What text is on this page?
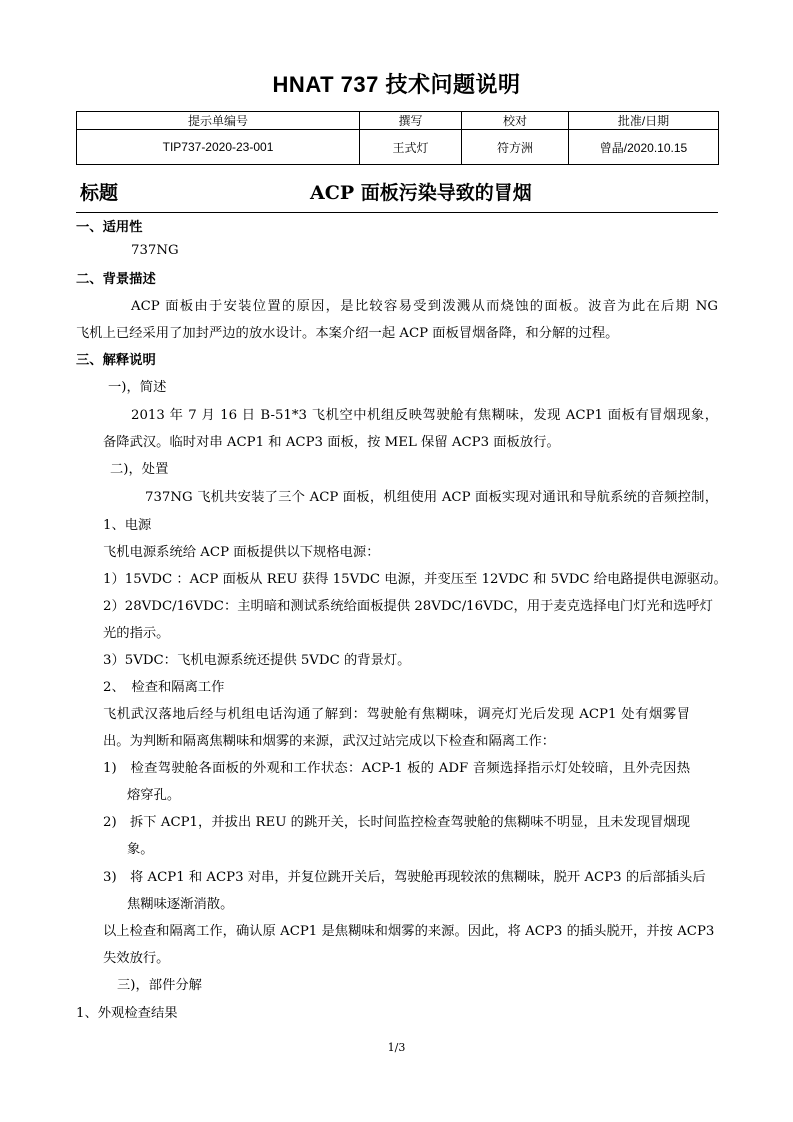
HNAT 737 技术问题说明
提示单编号	撰写	校对	批准/日期
TIP737-2020-23-001	王式灯	符方洲	曾晶/2020.10.15
标题	ACP 面板污染导致的冒烟
一、适用性
737NG
二、背景描述
ACP 面板由于安装位置的原因，是比较容易受到泼溅从而烧蚀的面板。波音为此在后期 NG
飞机上已经采用了加封严边的放水设计。本案介绍一起 ACP 面板冒烟备降，和分解的过程。
三、解释说明
一)，简述
2013 年 7 月 16 日 B-51*3 飞机空中机组反映驾驶舱有焦糊味，发现 ACP1 面板有冒烟现象，
备降武汉。临时对串 ACP1 和 ACP3 面板，按 MEL 保留 ACP3 面板放行。
二)，处置
737NG 飞机共安装了三个 ACP 面板，机组使用 ACP 面板实现对通讯和导航系统的音频控制，
1、电源
飞机电源系统给 ACP 面板提供以下规格电源：
1）15VDC ：ACP 面板从 REU 获得 15VDC 电源，并变压至 12VDC 和 5VDC 给电路提供电源驱动。
2）28VDC/16VDC：主明暗和测试系统给面板提供 28VDC/16VDC，用于麦克选择电门灯光和选呼灯
光的指示。
3）5VDC：飞机电源系统还提供 5VDC 的背景灯。
2、　检查和隔离工作
飞机武汉落地后经与机组电话沟通了解到：驾驶舱有焦糊味，调亮灯光后发现 ACP1 处有烟雾冒
出。为判断和隔离焦糊味和烟雾的来源，武汉过站完成以下检查和隔离工作：
1)　检查驾驶舱各面板的外观和工作状态：ACP-1 板的 ADF 音频选择指示灯处较暗，且外壳因热
熔穿孔。
2)　拆下 ACP1，并拔出 REU 的跳开关，长时间监控检查驾驶舱的焦糊味不明显，且未发现冒烟现
象。
3)　将 ACP1 和 ACP3 对串，并复位跳开关后，驾驶舱再现较浓的焦糊味，脱开 ACP3 的后部插头后
焦糊味逐渐消散。
以上检查和隔离工作，确认原 ACP1 是焦糊味和烟雾的来源。因此，将 ACP3 的插头脱开，并按 ACP3
失效放行。
三)，部件分解
1、外观检查结果
1/3
